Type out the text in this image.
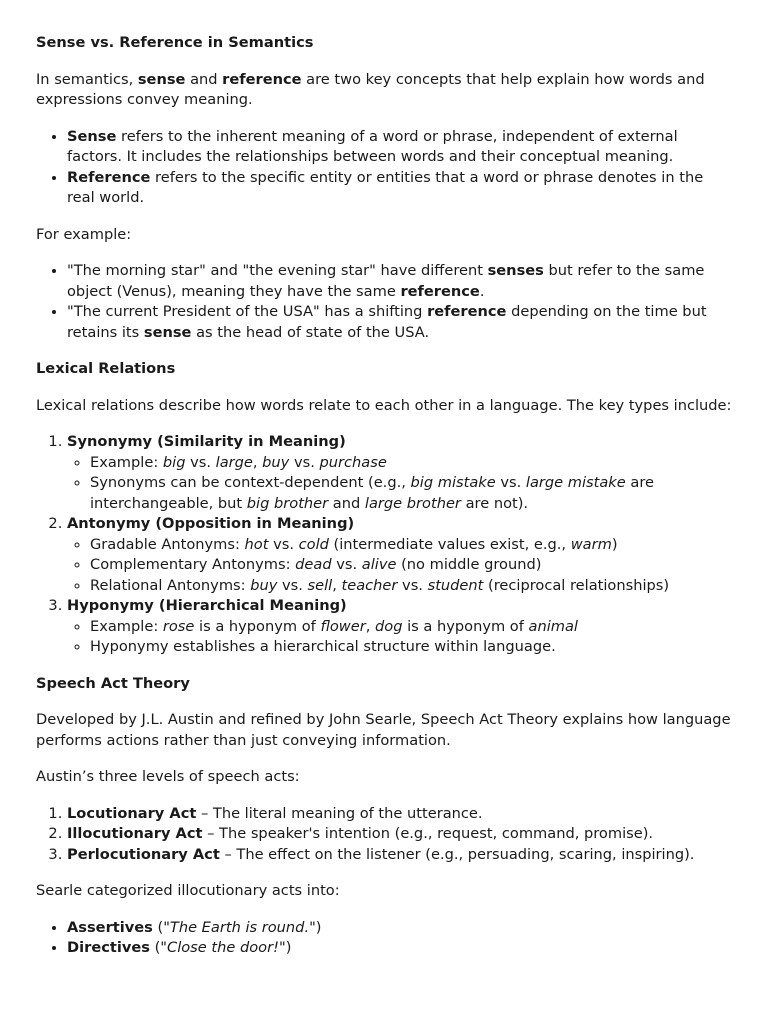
Sense vs. Reference in Semantics

In semantics, sense and reference are two key concepts that help explain how words and expressions convey meaning.

• Sense refers to the inherent meaning of a word or phrase, independent of external factors. It includes the relationships between words and their conceptual meaning.
• Reference refers to the specific entity or entities that a word or phrase denotes in the real world.

For example:

• "The morning star" and "the evening star" have different senses but refer to the same object (Venus), meaning they have the same reference.
• "The current President of the USA" has a shifting reference depending on the time but retains its sense as the head of state of the USA.
Lexical Relations

Lexical relations describe how words relate to each other in a language. The key types include:

1. Synonymy (Similarity in Meaning)
◦ Example: big vs. large, buy vs. purchase
◦ Synonyms can be context-dependent (e.g., big mistake vs. large mistake are interchangeable, but big brother and large brother are not).
2. Antonymy (Opposition in Meaning)
◦ Gradable Antonyms: hot vs. cold (intermediate values exist, e.g., warm)
◦ Complementary Antonyms: dead vs. alive (no middle ground)
◦ Relational Antonyms: buy vs. sell, teacher vs. student (reciprocal relationships)
3. Hyponymy (Hierarchical Meaning)
◦ Example: rose is a hyponym of flower, dog is a hyponym of animal
◦ Hyponymy establishes a hierarchical structure within language.
Speech Act Theory

Developed by J.L. Austin and refined by John Searle, Speech Act Theory explains how language performs actions rather than just conveying information.

Austin’s three levels of speech acts:

1. Locutionary Act – The literal meaning of the utterance.
2. Illocutionary Act – The speaker's intention (e.g., request, command, promise).
3. Perlocutionary Act – The effect on the listener (e.g., persuading, scaring, inspiring).

Searle categorized illocutionary acts into:

• Assertives ("The Earth is round.")
• Directives ("Close the door!")
